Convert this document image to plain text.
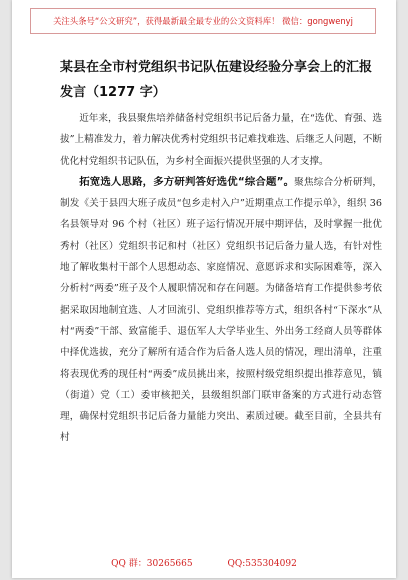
关注头条号“公文研究”，获得最新最全最专业的公文资料库！ 微信：gongwenyj
某县在全市村党组织书记队伍建设经验分享会上的汇报发言（1277 字）

近年来，我县聚焦培养储备村党组织书记后备力量，在“选优、育强、选拔”上精准发力，着力解决优秀村党组织书记难找难选、后继乏人问题，不断优化村党组织书记队伍，为乡村全面振兴提供坚强的人才支撑。

拓宽选人思路，多方研判答好选优“综合题”。聚焦综合分析研判，制发《关于县四大班子成员“包乡走村入户”近期重点工作提示单》，组织 36 名县领导对 96 个村（社区）班子运行情况开展中期评估，及时掌握一批优秀村（社区）党组织书记和村（社区）党组织书记后备力量人选，有针对性地了解收集村干部个人思想动态、家庭情况、意愿诉求和实际困难等，深入分析村“两委”班子及个人履职情况和存在问题。为储备培育工作提供参考依据采取因地制宜选、人才回流引、党组织推荐等方式，组织各村“下深水”从村“两委”干部、致富能手、退伍军人大学毕业生、外出务工经商人员等群体中择优选拔，充分了解所有适合作为后备人选人员的情况，理出清单，注重将表现优秀的现任村“两委”成员挑出来，按照村级党组织提出推荐意见，镇（街道）党（工）委审核把关，县级组织部门联审备案的方式进行动态管理，确保村党组织书记后备力量能力突出、素质过硬。截至目前，全县共有村

QQ 群：30265665	QQ:535304092
